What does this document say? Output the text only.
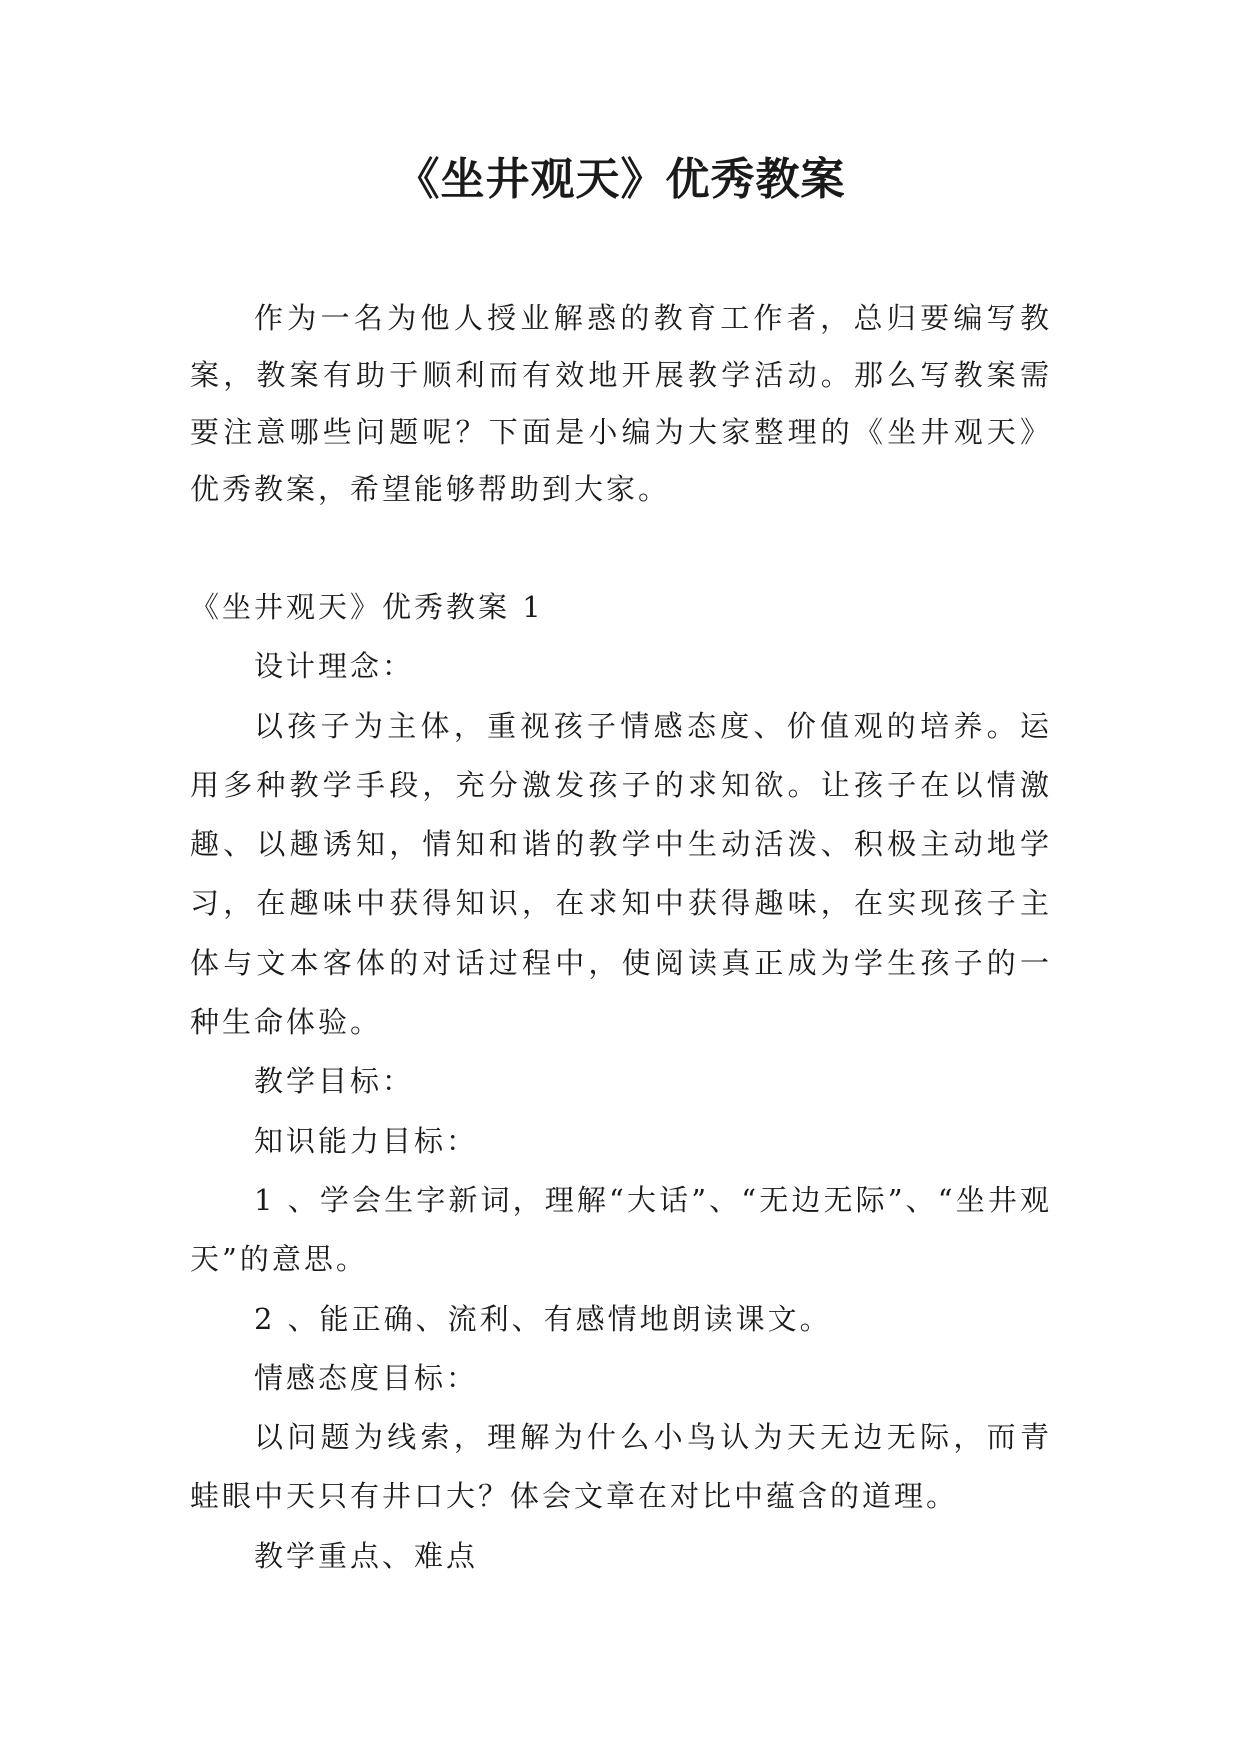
《坐井观天》优秀教案

作为一名为他人授业解惑的教育工作者，总归要编写教案，教案有助于顺利而有效地开展教学活动。那么写教案需要注意哪些问题呢？下面是小编为大家整理的《坐井观天》优秀教案，希望能够帮助到大家。

《坐井观天》优秀教案 1

设计理念：

以孩子为主体，重视孩子情感态度、价值观的培养。运用多种教学手段，充分激发孩子的求知欲。让孩子在以情激趣、以趣诱知，情知和谐的教学中生动活泼、积极主动地学习，在趣味中获得知识，在求知中获得趣味，在实现孩子主体与文本客体的对话过程中，使阅读真正成为学生孩子的一种生命体验。

教学目标：

知识能力目标：

1 、学会生字新词，理解“大话”、“无边无际”、“坐井观天”的意思。

2 、能正确、流利、有感情地朗读课文。

情感态度目标：

以问题为线索，理解为什么小鸟认为天无边无际，而青蛙眼中天只有井口大？体会文章在对比中蕴含的道理。

教学重点、难点
